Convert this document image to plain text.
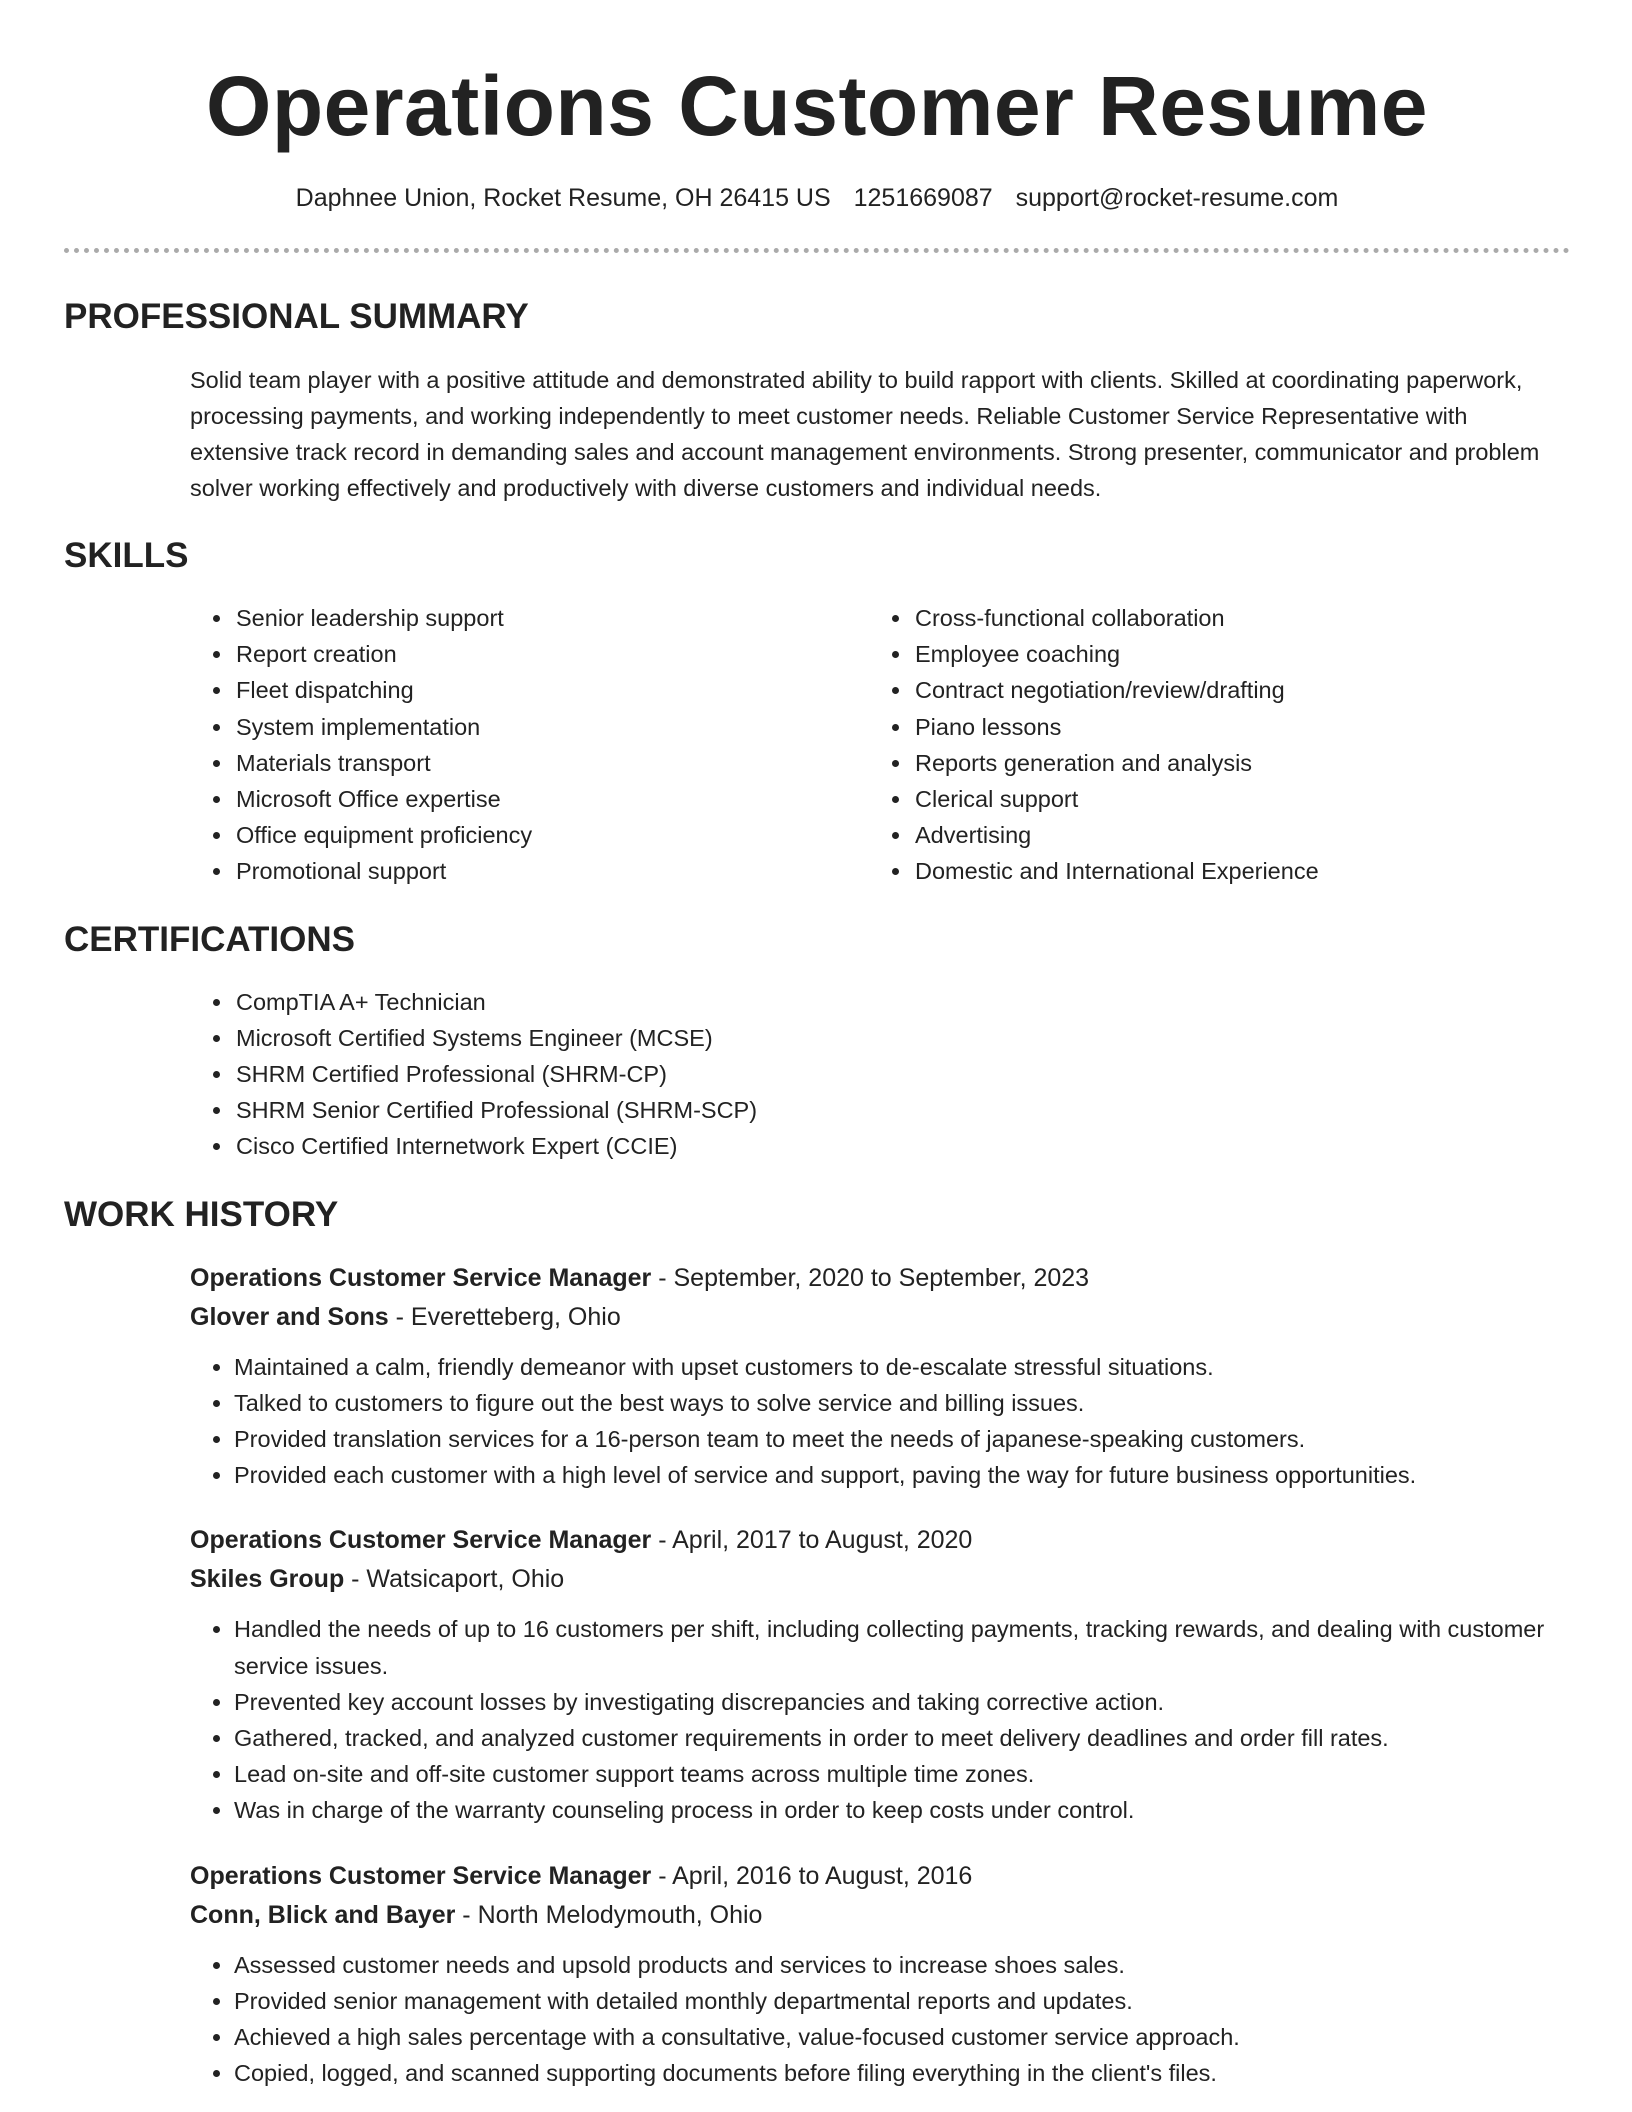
Operations Customer Resume
Daphnee Union, Rocket Resume, OH 26415 US 1251669087 support@rocket-resume.com
PROFESSIONAL SUMMARY

Solid team player with a positive attitude and demonstrated ability to build rapport with clients. Skilled at coordinating paperwork, processing payments, and working independently to meet customer needs. Reliable Customer Service Representative with extensive track record in demanding sales and account management environments. Strong presenter, communicator and problem solver working effectively and productively with diverse customers and individual needs.

SKILLS
• Senior leadership support
• Report creation
• Fleet dispatching
• System implementation
• Materials transport
• Microsoft Office expertise
• Office equipment proficiency
• Promotional support
• Cross-functional collaboration
• Employee coaching
• Contract negotiation/review/drafting
• Piano lessons
• Reports generation and analysis
• Clerical support
• Advertising
• Domestic and International Experience
CERTIFICATIONS
• CompTIA A+ Technician
• Microsoft Certified Systems Engineer (MCSE)
• SHRM Certified Professional (SHRM-CP)
• SHRM Senior Certified Professional (SHRM-SCP)
• Cisco Certified Internetwork Expert (CCIE)
WORK HISTORY
Operations Customer Service Manager - September, 2020 to September, 2023
Glover and Sons - Everetteberg, Ohio
• Maintained a calm, friendly demeanor with upset customers to de-escalate stressful situations.
• Talked to customers to figure out the best ways to solve service and billing issues.
• Provided translation services for a 16-person team to meet the needs of japanese-speaking customers.
• Provided each customer with a high level of service and support, paving the way for future business opportunities.
Operations Customer Service Manager - April, 2017 to August, 2020
Skiles Group - Watsicaport, Ohio
• Handled the needs of up to 16 customers per shift, including collecting payments, tracking rewards, and dealing with customer service issues.
• Prevented key account losses by investigating discrepancies and taking corrective action.
• Gathered, tracked, and analyzed customer requirements in order to meet delivery deadlines and order fill rates.
• Lead on-site and off-site customer support teams across multiple time zones.
• Was in charge of the warranty counseling process in order to keep costs under control.
Operations Customer Service Manager - April, 2016 to August, 2016
Conn, Blick and Bayer - North Melodymouth, Ohio
• Assessed customer needs and upsold products and services to increase shoes sales.
• Provided senior management with detailed monthly departmental reports and updates.
• Achieved a high sales percentage with a consultative, value-focused customer service approach.
• Copied, logged, and scanned supporting documents before filing everything in the client's files.
